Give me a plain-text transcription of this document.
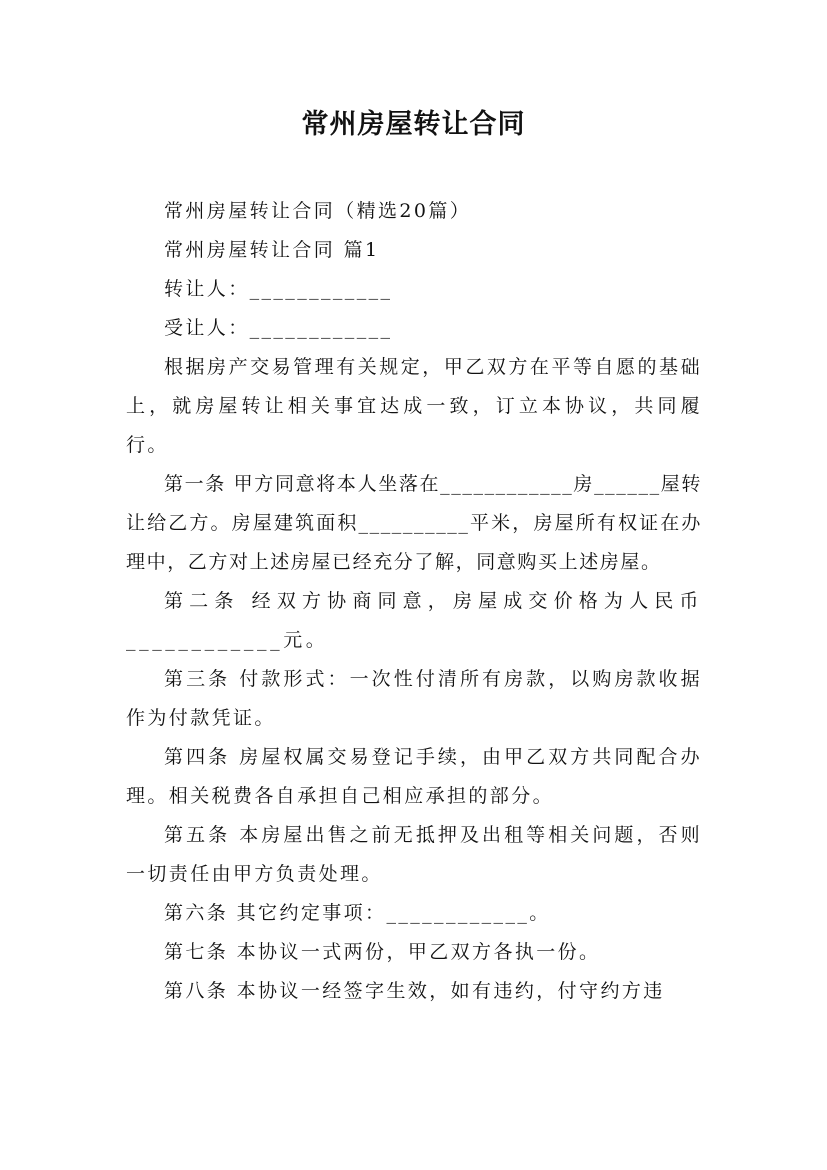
常州房屋转让合同

常州房屋转让合同（精选20篇）

常州房屋转让合同 篇1

转让人：____________

受让人：____________

根据房产交易管理有关规定，甲乙双方在平等自愿的基础上，就房屋转让相关事宜达成一致，订立本协议，共同履行。

第一条 甲方同意将本人坐落在____________房______屋转让给乙方。房屋建筑面积__________平米，房屋所有权证在办理中，乙方对上述房屋已经充分了解，同意购买上述房屋。

第二条 经双方协商同意，房屋成交价格为人民币____________元。

第三条 付款形式：一次性付清所有房款，以购房款收据作为付款凭证。

第四条 房屋权属交易登记手续，由甲乙双方共同配合办理。相关税费各自承担自己相应承担的部分。

第五条 本房屋出售之前无抵押及出租等相关问题，否则一切责任由甲方负责处理。

第六条 其它约定事项：____________。

第七条 本协议一式两份，甲乙双方各执一份。

第八条 本协议一经签字生效，如有违约，付守约方违
